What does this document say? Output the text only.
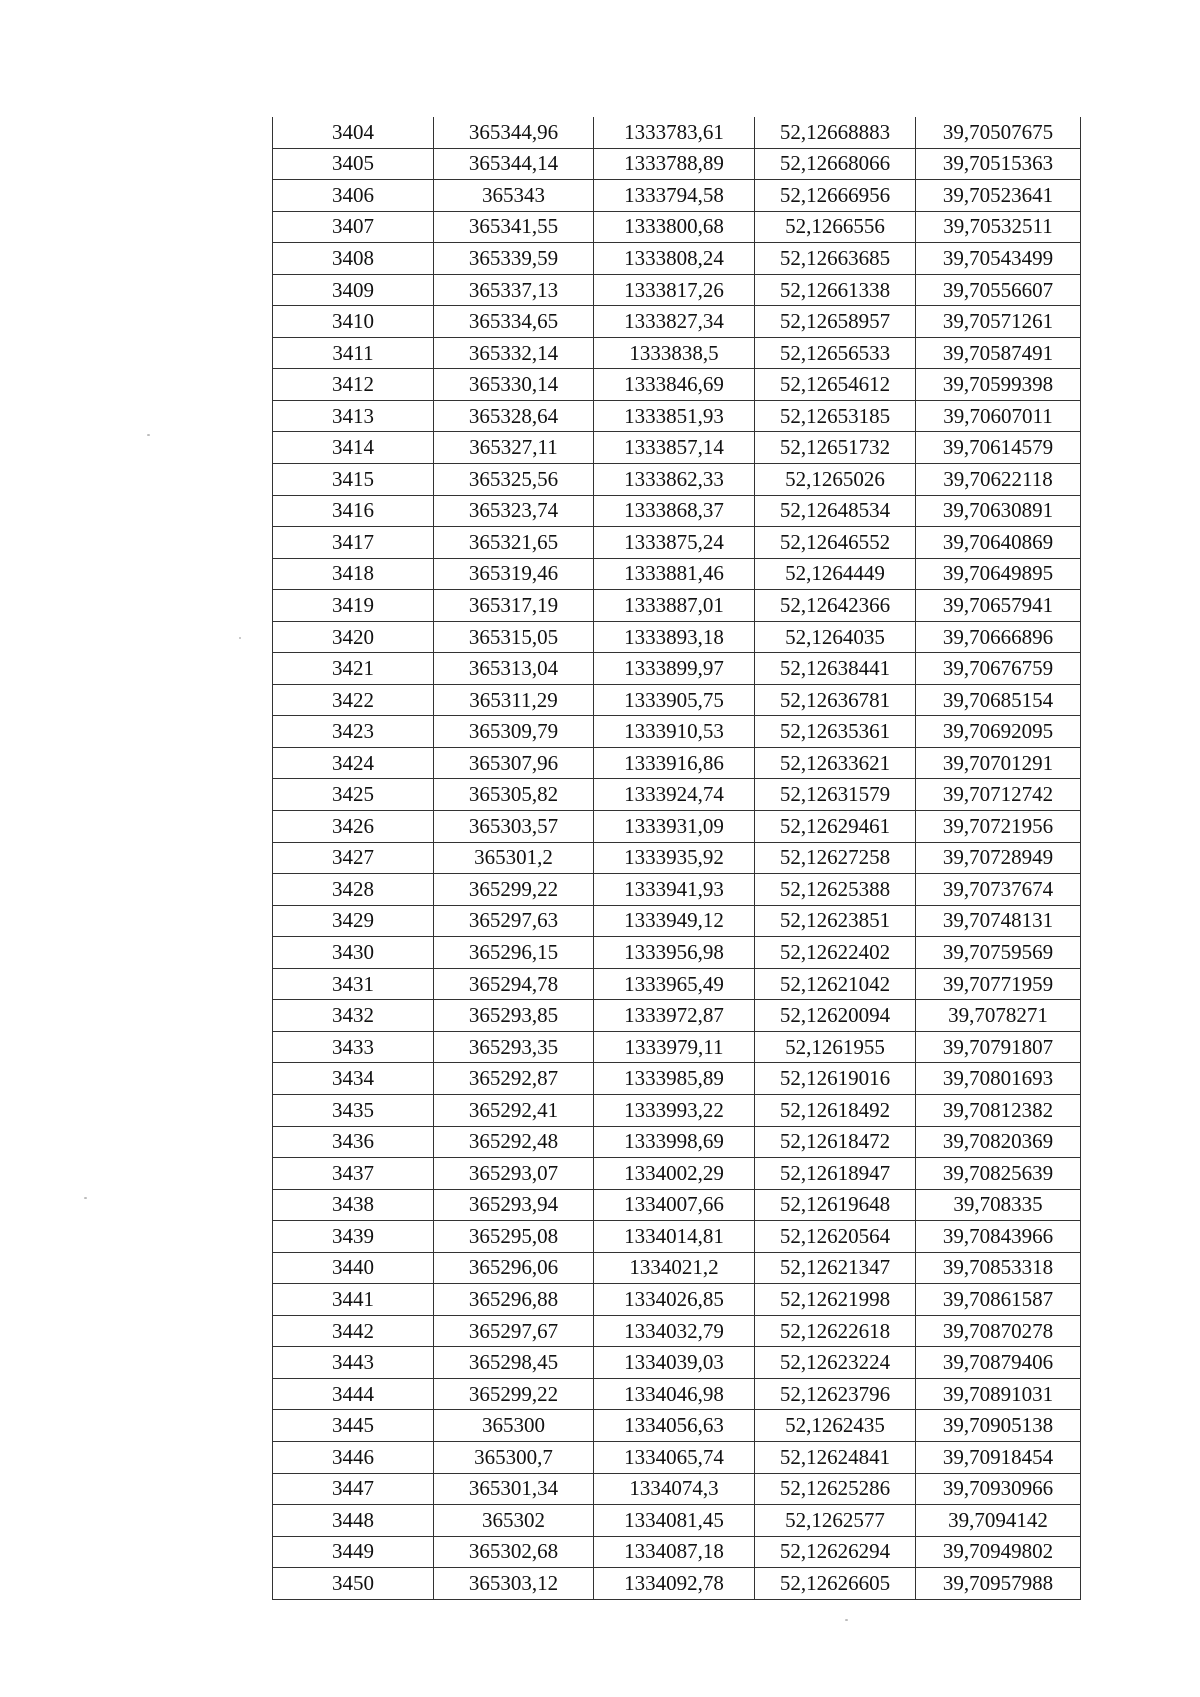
3404	365344,96	1333783,61	52,12668883	39,70507675
3405	365344,14	1333788,89	52,12668066	39,70515363
3406	365343	1333794,58	52,12666956	39,70523641
3407	365341,55	1333800,68	52,1266556	39,70532511
3408	365339,59	1333808,24	52,12663685	39,70543499
3409	365337,13	1333817,26	52,12661338	39,70556607
3410	365334,65	1333827,34	52,12658957	39,70571261
3411	365332,14	1333838,5	52,12656533	39,70587491
3412	365330,14	1333846,69	52,12654612	39,70599398
3413	365328,64	1333851,93	52,12653185	39,70607011
3414	365327,11	1333857,14	52,12651732	39,70614579
3415	365325,56	1333862,33	52,1265026	39,70622118
3416	365323,74	1333868,37	52,12648534	39,70630891
3417	365321,65	1333875,24	52,12646552	39,70640869
3418	365319,46	1333881,46	52,1264449	39,70649895
3419	365317,19	1333887,01	52,12642366	39,70657941
3420	365315,05	1333893,18	52,1264035	39,70666896
3421	365313,04	1333899,97	52,12638441	39,70676759
3422	365311,29	1333905,75	52,12636781	39,70685154
3423	365309,79	1333910,53	52,12635361	39,70692095
3424	365307,96	1333916,86	52,12633621	39,70701291
3425	365305,82	1333924,74	52,12631579	39,70712742
3426	365303,57	1333931,09	52,12629461	39,70721956
3427	365301,2	1333935,92	52,12627258	39,70728949
3428	365299,22	1333941,93	52,12625388	39,70737674
3429	365297,63	1333949,12	52,12623851	39,70748131
3430	365296,15	1333956,98	52,12622402	39,70759569
3431	365294,78	1333965,49	52,12621042	39,70771959
3432	365293,85	1333972,87	52,12620094	39,7078271
3433	365293,35	1333979,11	52,1261955	39,70791807
3434	365292,87	1333985,89	52,12619016	39,70801693
3435	365292,41	1333993,22	52,12618492	39,70812382
3436	365292,48	1333998,69	52,12618472	39,70820369
3437	365293,07	1334002,29	52,12618947	39,70825639
3438	365293,94	1334007,66	52,12619648	39,708335
3439	365295,08	1334014,81	52,12620564	39,70843966
3440	365296,06	1334021,2	52,12621347	39,70853318
3441	365296,88	1334026,85	52,12621998	39,70861587
3442	365297,67	1334032,79	52,12622618	39,70870278
3443	365298,45	1334039,03	52,12623224	39,70879406
3444	365299,22	1334046,98	52,12623796	39,70891031
3445	365300	1334056,63	52,1262435	39,70905138
3446	365300,7	1334065,74	52,12624841	39,70918454
3447	365301,34	1334074,3	52,12625286	39,70930966
3448	365302	1334081,45	52,1262577	39,7094142
3449	365302,68	1334087,18	52,12626294	39,70949802
3450	365303,12	1334092,78	52,12626605	39,70957988
